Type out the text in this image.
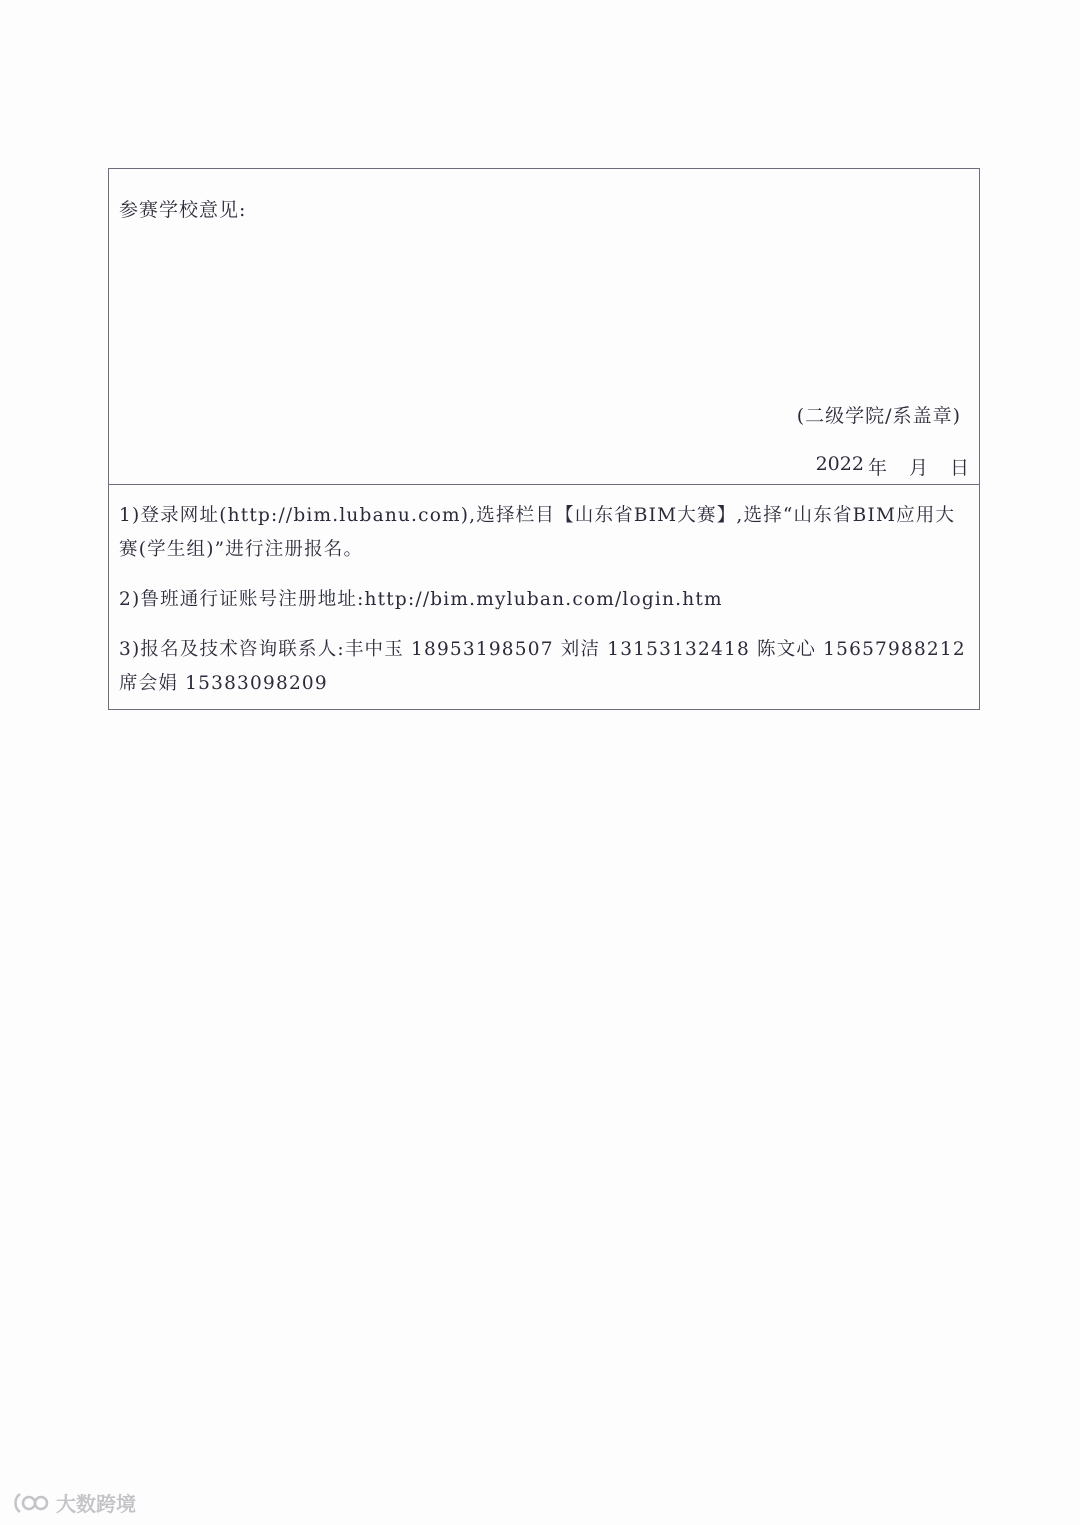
参赛学校意见:
(二级学院/系盖章)
2022 年 月 日

1)登录网址(http://bim.lubanu.com),选择栏目【山东省BIM大赛】,选择“山东省BIM应用大赛(学生组)”进行注册报名。

2)鲁班通行证账号注册地址:http://bim.myluban.com/login.htm

3)报名及技术咨询联系人:丰中玉 18953198507 刘洁 13153132418 陈文心 15657988212 席会娟 15383098209

大数跨境
